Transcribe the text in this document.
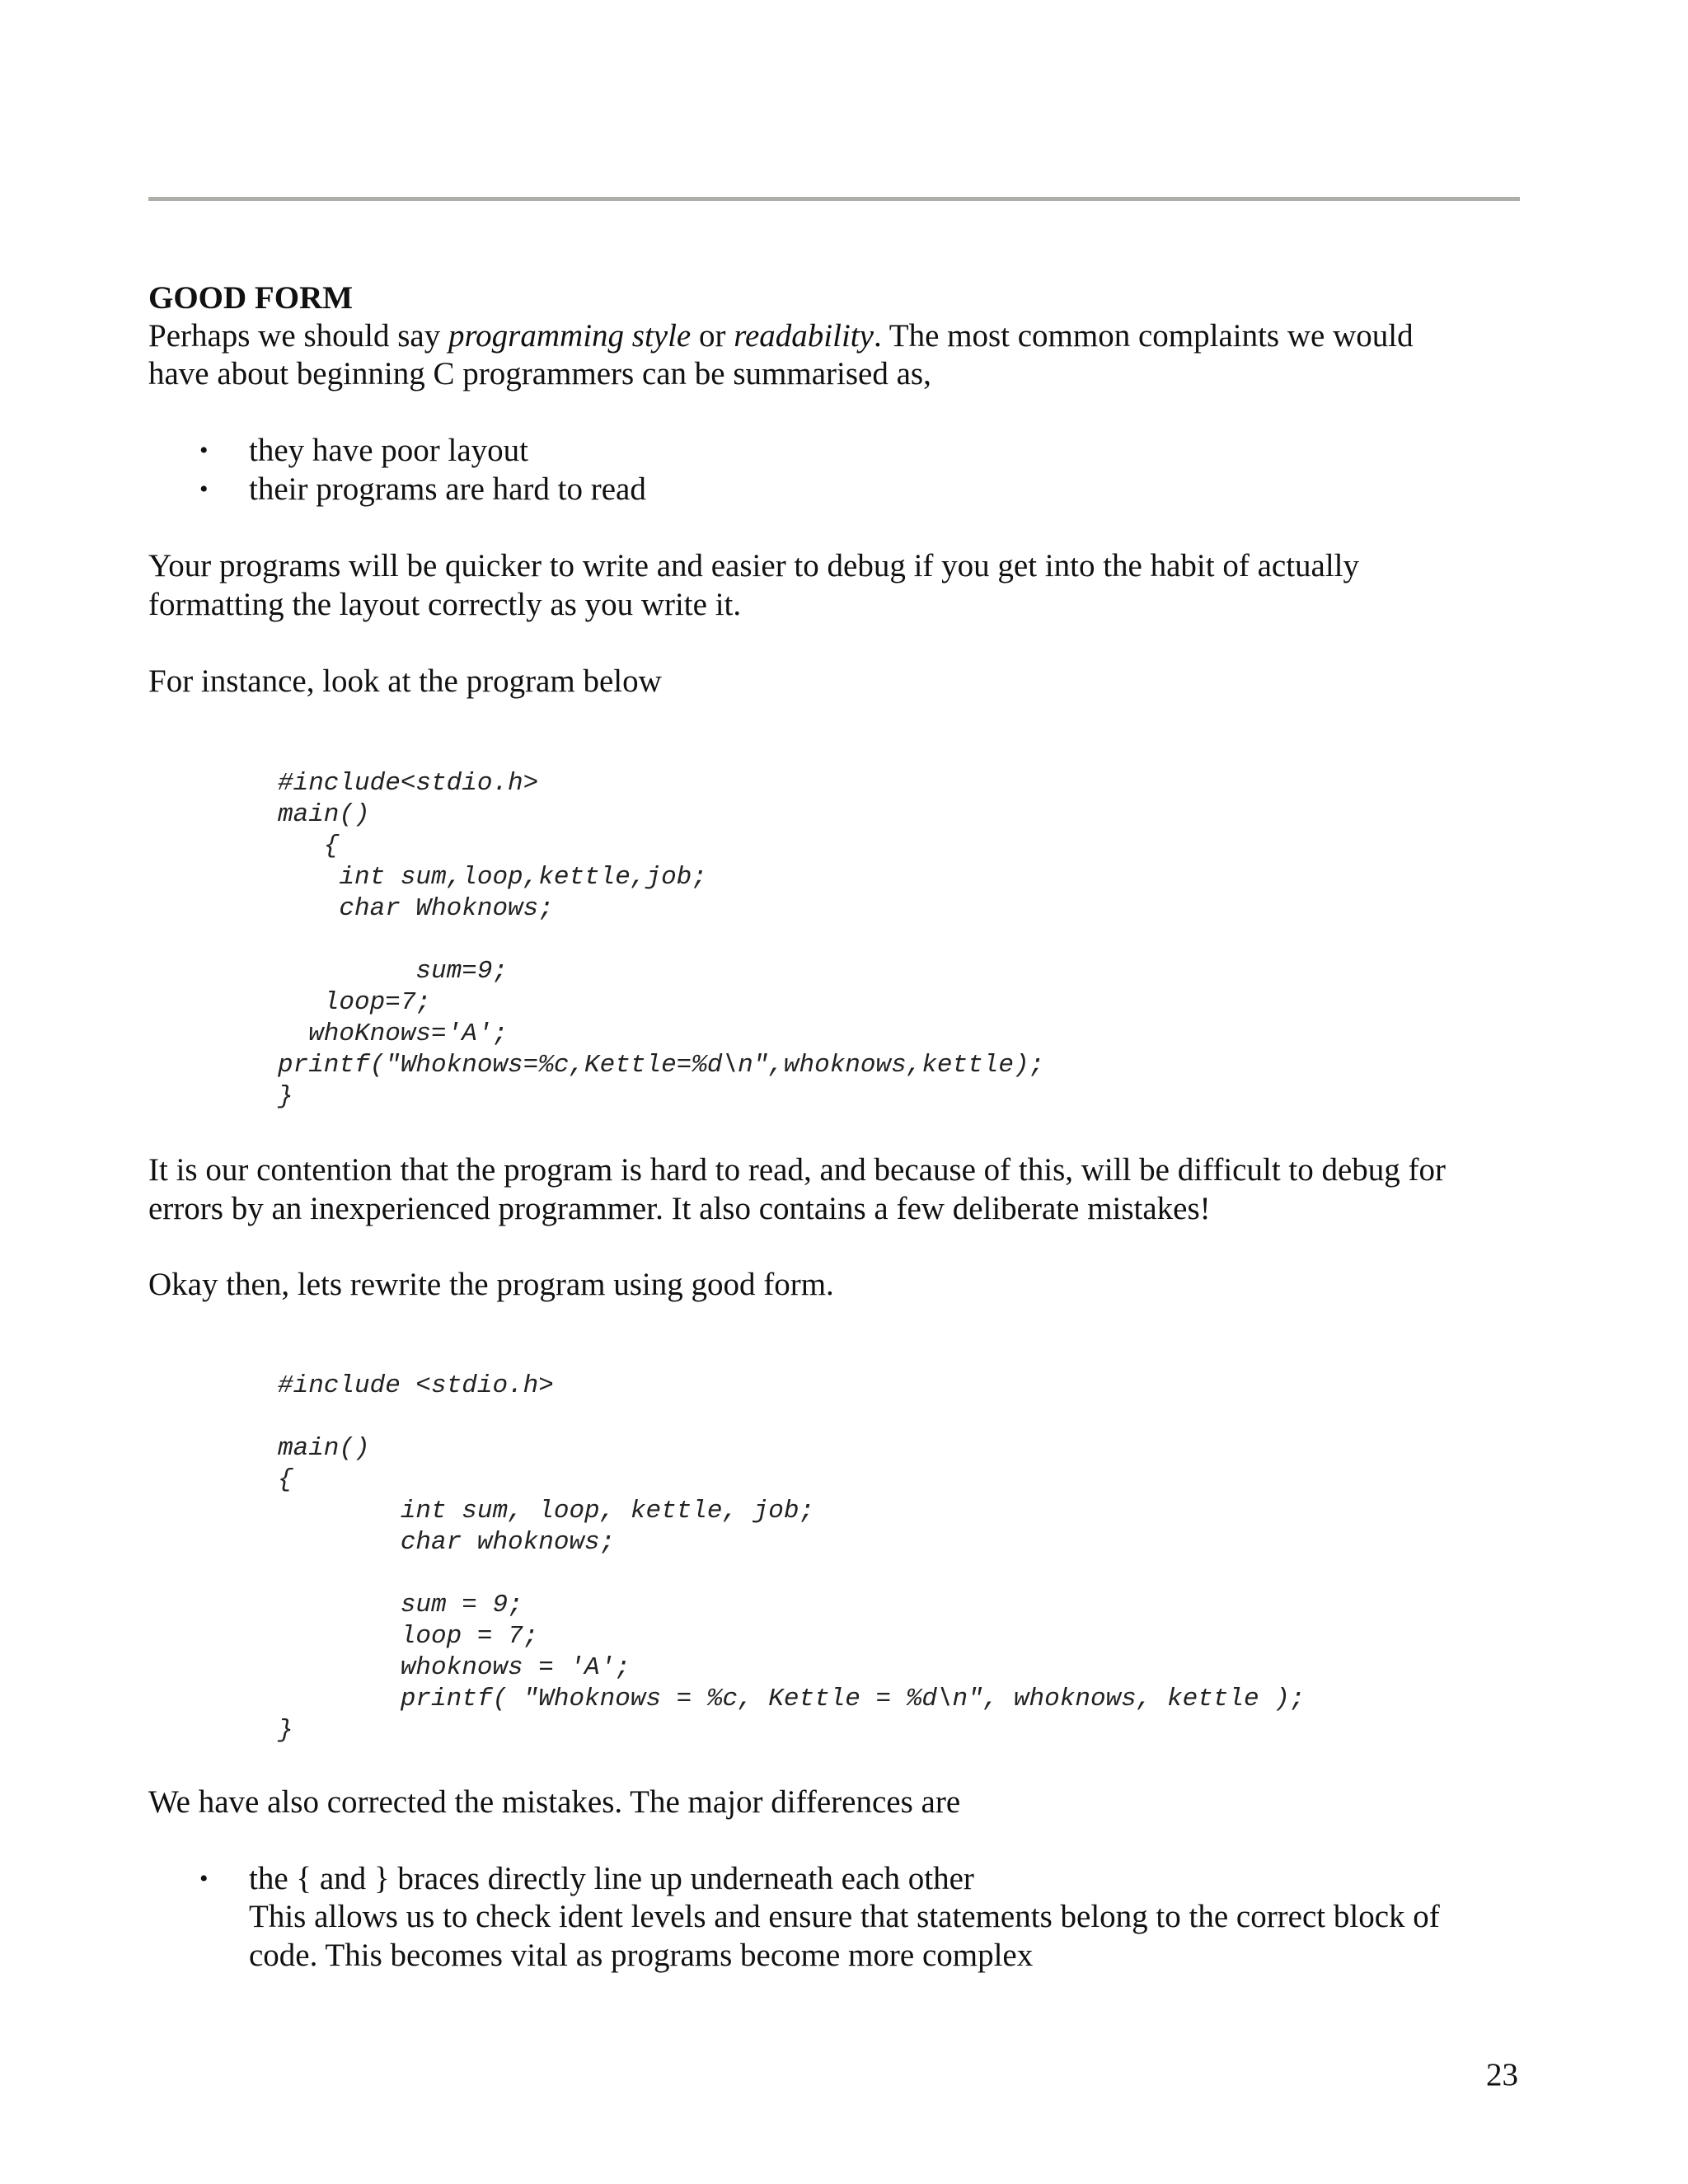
GOOD FORM
Perhaps we should say programming style or readability. The most common complaints we would
have about beginning C programmers can be summarised as,
• they have poor layout
• their programs are hard to read
Your programs will be quicker to write and easier to debug if you get into the habit of actually
formatting the layout correctly as you write it.
For instance, look at the program below
#include<stdio.h>
main()
{
int sum,loop,kettle,job;
char Whoknows;

sum=9;
loop=7;
whoKnows='A';
printf("Whoknows=%c,Kettle=%d\n",whoknows,kettle);
}

It is our contention that the program is hard to read, and because of this, will be difficult to debug for
errors by an inexperienced programmer. It also contains a few deliberate mistakes!
Okay then, lets rewrite the program using good form.
#include <stdio.h>

main()
{
int sum, loop, kettle, job;
char whoknows;

sum = 9;
loop = 7;
whoknows = 'A';
printf( "Whoknows = %c, Kettle = %d\n", whoknows, kettle );
}

We have also corrected the mistakes. The major differences are
• the { and } braces directly line up underneath each other
This allows us to check ident levels and ensure that statements belong to the correct block of
code. This becomes vital as programs become more complex
23
